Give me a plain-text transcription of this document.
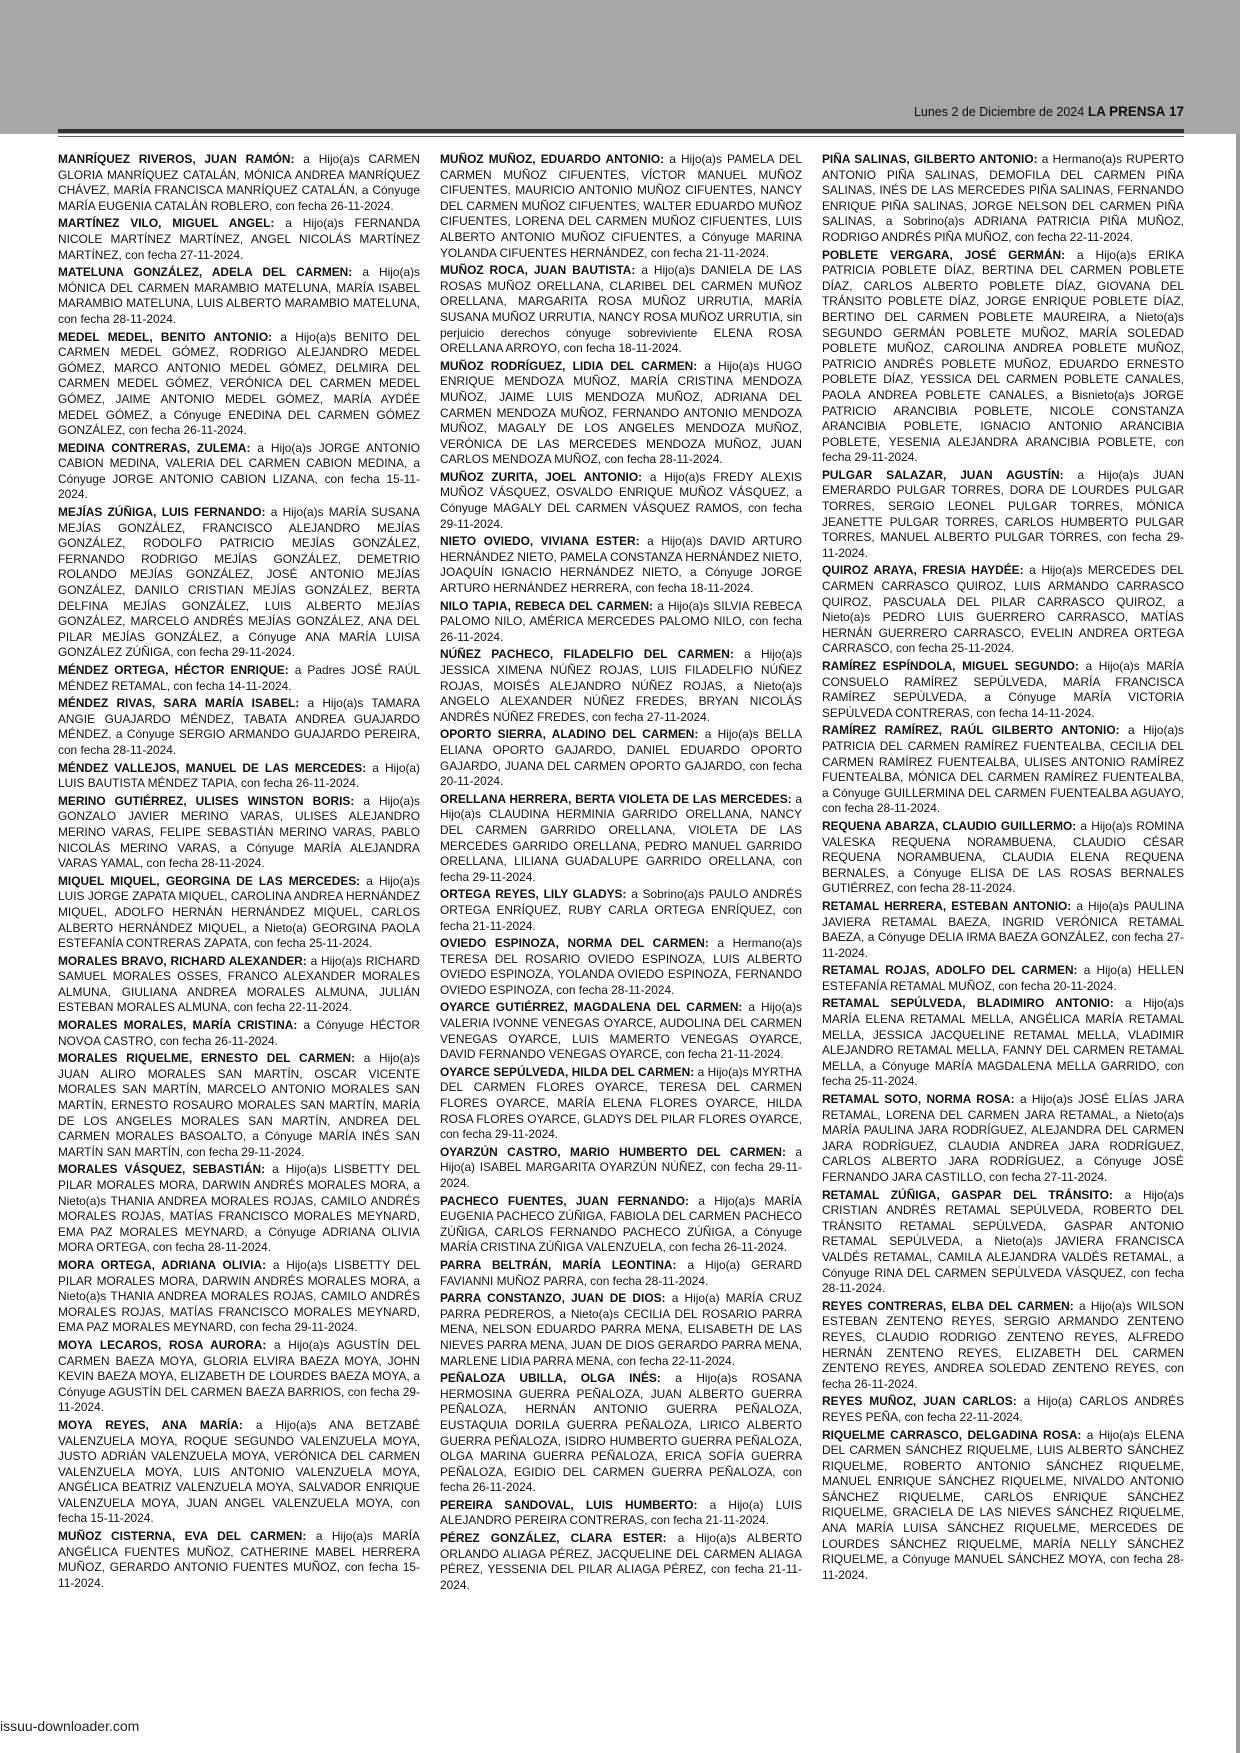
Lunes 2 de Diciembre de 2024 LA PRENSA 17

MANRÍQUEZ RIVEROS, JUAN RAMÓN: a Hijo(a)s CARMEN GLORIA MANRÍQUEZ CATALÁN, MÓNICA ANDREA MANRÍQUEZ CHÁVEZ, MARÍA FRANCISCA MANRÍQUEZ CATALÁN, a Cónyuge MARÍA EUGENIA CATALÁN ROBLERO, con fecha 26-11-2024.

MARTÍNEZ VILO, MIGUEL ANGEL: a Hijo(a)s FERNANDA NICOLE MARTÍNEZ MARTÍNEZ, ANGEL NICOLÁS MARTÍNEZ MARTÍNEZ, con fecha 27-11-2024.

MATELUNA GONZÁLEZ, ADELA DEL CARMEN: a Hijo(a)s MÓNICA DEL CARMEN MARAMBIO MATELUNA, MARÍA ISABEL MARAMBIO MATELUNA, LUIS ALBERTO MARAMBIO MATELUNA, con fecha 28-11-2024.

MEDEL MEDEL, BENITO ANTONIO: a Hijo(a)s BENITO DEL CARMEN MEDEL GÓMEZ, RODRIGO ALEJANDRO MEDEL GÓMEZ, MARCO ANTONIO MEDEL GÓMEZ, DELMIRA DEL CARMEN MEDEL GÓMEZ, VERÓNICA DEL CARMEN MEDEL GÓMEZ, JAIME ANTONIO MEDEL GÓMEZ, MARÍA AYDÉE MEDEL GÓMEZ, a Cónyuge ENEDINA DEL CARMEN GÓMEZ GONZÁLEZ, con fecha 26-11-2024.

MEDINA CONTRERAS, ZULEMA: a Hijo(a)s JORGE ANTONIO CABION MEDINA, VALERIA DEL CARMEN CABION MEDINA, a Cónyuge JORGE ANTONIO CABION LIZANA, con fecha 15-11-2024.

MEJÍAS ZÚÑIGA, LUIS FERNANDO: a Hijo(a)s MARÍA SUSANA MEJÍAS GONZÁLEZ, FRANCISCO ALEJANDRO MEJÍAS GONZÁLEZ, RODOLFO PATRICIO MEJÍAS GONZÁLEZ, FERNANDO RODRIGO MEJÍAS GONZÁLEZ, DEMETRIO ROLANDO MEJÍAS GONZÁLEZ, JOSÉ ANTONIO MEJÍAS GONZÁLEZ, DANILO CRISTIAN MEJÍAS GONZÁLEZ, BERTA DELFINA MEJÍAS GONZÁLEZ, LUIS ALBERTO MEJÍAS GONZÁLEZ, MARCELO ANDRÉS MEJÍAS GONZÁLEZ, ANA DEL PILAR MEJÍAS GONZÁLEZ, a Cónyuge ANA MARÍA LUISA GONZÁLEZ ZÚÑIGA, con fecha 29-11-2024.

MÉNDEZ ORTEGA, HÉCTOR ENRIQUE: a Padres JOSÉ RAÚL MÉNDEZ RETAMAL, con fecha 14-11-2024.

MÉNDEZ RIVAS, SARA MARÍA ISABEL: a Hijo(a)s TAMARA ANGIE GUAJARDO MÉNDEZ, TABATA ANDREA GUAJARDO MÉNDEZ, a Cónyuge SERGIO ARMANDO GUAJARDO PEREIRA, con fecha 28-11-2024.

MÉNDEZ VALLEJOS, MANUEL DE LAS MERCEDES: a Hijo(a) LUIS BAUTISTA MÉNDEZ TAPIA, con fecha 26-11-2024.

MERINO GUTIÉRREZ, ULISES WINSTON BORIS: a Hijo(a)s GONZALO JAVIER MERINO VARAS, ULISES ALEJANDRO MERINO VARAS, FELIPE SEBASTIÁN MERINO VARAS, PABLO NICOLÁS MERINO VARAS, a Cónyuge MARÍA ALEJANDRA VARAS YAMAL, con fecha 28-11-2024.

MIQUEL MIQUEL, GEORGINA DE LAS MERCEDES: a Hijo(a)s LUIS JORGE ZAPATA MIQUEL, CAROLINA ANDREA HERNÁNDEZ MIQUEL, ADOLFO HERNÁN HERNÁNDEZ MIQUEL, CARLOS ALBERTO HERNÁNDEZ MIQUEL, a Nieto(a) GEORGINA PAOLA ESTEFANÍA CONTRERAS ZAPATA, con fecha 25-11-2024.

MORALES BRAVO, RICHARD ALEXANDER: a Hijo(a)s RICHARD SAMUEL MORALES OSSES, FRANCO ALEXANDER MORALES ALMUNA, GIULIANA ANDREA MORALES ALMUNA, JULIÁN ESTEBAN MORALES ALMUNA, con fecha 22-11-2024.

MORALES MORALES, MARÍA CRISTINA: a Cónyuge HÉCTOR NOVOA CASTRO, con fecha 26-11-2024.

MORALES RIQUELME, ERNESTO DEL CARMEN: a Hijo(a)s JUAN ALIRO MORALES SAN MARTÍN, OSCAR VICENTE MORALES SAN MARTÍN, MARCELO ANTONIO MORALES SAN MARTÍN, ERNESTO ROSAURO MORALES SAN MARTÍN, MARÍA DE LOS ANGELES MORALES SAN MARTÍN, ANDREA DEL CARMEN MORALES BASOALTO, a Cónyuge MARÍA INÉS SAN MARTÍN SAN MARTÍN, con fecha 29-11-2024.

MORALES VÁSQUEZ, SEBASTIÁN: a Hijo(a)s LISBETTY DEL PILAR MORALES MORA, DARWIN ANDRÉS MORALES MORA, a Nieto(a)s THANIA ANDREA MORALES ROJAS, CAMILO ANDRÉS MORALES ROJAS, MATÍAS FRANCISCO MORALES MEYNARD, EMA PAZ MORALES MEYNARD, a Cónyuge ADRIANA OLIVIA MORA ORTEGA, con fecha 28-11-2024.

MORA ORTEGA, ADRIANA OLIVIA: a Hijo(a)s LISBETTY DEL PILAR MORALES MORA, DARWIN ANDRÉS MORALES MORA, a Nieto(a)s THANIA ANDREA MORALES ROJAS, CAMILO ANDRÉS MORALES ROJAS, MATÍAS FRANCISCO MORALES MEYNARD, EMA PAZ MORALES MEYNARD, con fecha 29-11-2024.

MOYA LECAROS, ROSA AURORA: a Hijo(a)s AGUSTÍN DEL CARMEN BAEZA MOYA, GLORIA ELVIRA BAEZA MOYA, JOHN KEVIN BAEZA MOYA, ELIZABETH DE LOURDES BAEZA MOYA, a Cónyuge AGUSTÍN DEL CARMEN BAEZA BARRIOS, con fecha 29-11-2024.

MOYA REYES, ANA MARÍA: a Hijo(a)s ANA BETZABÉ VALENZUELA MOYA, ROQUE SEGUNDO VALENZUELA MOYA, JUSTO ADRIÁN VALENZUELA MOYA, VERÓNICA DEL CARMEN VALENZUELA MOYA, LUIS ANTONIO VALENZUELA MOYA, ANGÉLICA BEATRIZ VALENZUELA MOYA, SALVADOR ENRIQUE VALENZUELA MOYA, JUAN ANGEL VALENZUELA MOYA, con fecha 15-11-2024.

MUÑOZ CISTERNA, EVA DEL CARMEN: a Hijo(a)s MARÍA ANGÉLICA FUENTES MUÑOZ, CATHERINE MABEL HERRERA MUÑOZ, GERARDO ANTONIO FUENTES MUÑOZ, con fecha 15-11-2024.

MUÑOZ MUÑOZ, EDUARDO ANTONIO: a Hijo(a)s PAMELA DEL CARMEN MUÑOZ CIFUENTES, VÍCTOR MANUEL MUÑOZ CIFUENTES, MAURICIO ANTONIO MUÑOZ CIFUENTES, NANCY DEL CARMEN MUÑOZ CIFUENTES, WALTER EDUARDO MUÑOZ CIFUENTES, LORENA DEL CARMEN MUÑOZ CIFUENTES, LUIS ALBERTO ANTONIO MUÑOZ CIFUENTES, a Cónyuge MARINA YOLANDA CIFUENTES HERNÁNDEZ, con fecha 21-11-2024.

MUÑOZ ROCA, JUAN BAUTISTA: a Hijo(a)s DANIELA DE LAS ROSAS MUÑOZ ORELLANA, CLARIBEL DEL CARMEN MUÑOZ ORELLANA, MARGARITA ROSA MUÑOZ URRUTIA, MARÍA SUSANA MUÑOZ URRUTIA, NANCY ROSA MUÑOZ URRUTIA, sin perjuicio derechos cónyuge sobreviviente ELENA ROSA ORELLANA ARROYO, con fecha 18-11-2024.

MUÑOZ RODRÍGUEZ, LIDIA DEL CARMEN: a Hijo(a)s HUGO ENRIQUE MENDOZA MUÑOZ, MARÍA CRISTINA MENDOZA MUÑOZ, JAIME LUIS MENDOZA MUÑOZ, ADRIANA DEL CARMEN MENDOZA MUÑOZ, FERNANDO ANTONIO MENDOZA MUÑOZ, MAGALY DE LOS ANGELES MENDOZA MUÑOZ, VERÓNICA DE LAS MERCEDES MENDOZA MUÑOZ, JUAN CARLOS MENDOZA MUÑOZ, con fecha 28-11-2024.

MUÑOZ ZURITA, JOEL ANTONIO: a Hijo(a)s FREDY ALEXIS MUÑOZ VÁSQUEZ, OSVALDO ENRIQUE MUÑOZ VÁSQUEZ, a Cónyuge MAGALY DEL CARMEN VÁSQUEZ RAMOS, con fecha 29-11-2024.

NIETO OVIEDO, VIVIANA ESTER: a Hijo(a)s DAVID ARTURO HERNÁNDEZ NIETO, PAMELA CONSTANZA HERNÁNDEZ NIETO, JOAQUÍN IGNACIO HERNÁNDEZ NIETO, a Cónyuge JORGE ARTURO HERNÁNDEZ HERRERA, con fecha 18-11-2024.

NILO TAPIA, REBECA DEL CARMEN: a Hijo(a)s SILVIA REBECA PALOMO NILO, AMÉRICA MERCEDES PALOMO NILO, con fecha 26-11-2024.

NÚÑEZ PACHECO, FILADELFIO DEL CARMEN: a Hijo(a)s JESSICA XIMENA NÚÑEZ ROJAS, LUIS FILADELFIO NÚÑEZ ROJAS, MOISÉS ALEJANDRO NÚÑEZ ROJAS, a Nieto(a)s ANGELO ALEXANDER NÚÑEZ FREDES, BRYAN NICOLÁS ANDRÉS NÚÑEZ FREDES, con fecha 27-11-2024.

OPORTO SIERRA, ALADINO DEL CARMEN: a Hijo(a)s BELLA ELIANA OPORTO GAJARDO, DANIEL EDUARDO OPORTO GAJARDO, JUANA DEL CARMEN OPORTO GAJARDO, con fecha 20-11-2024.

ORELLANA HERRERA, BERTA VIOLETA DE LAS MERCEDES: a Hijo(a)s CLAUDINA HERMINIA GARRIDO ORELLANA, NANCY DEL CARMEN GARRIDO ORELLANA, VIOLETA DE LAS MERCEDES GARRIDO ORELLANA, PEDRO MANUEL GARRIDO ORELLANA, LILIANA GUADALUPE GARRIDO ORELLANA, con fecha 29-11-2024.

ORTEGA REYES, LILY GLADYS: a Sobrino(a)s PAULO ANDRÉS ORTEGA ENRÍQUEZ, RUBY CARLA ORTEGA ENRÍQUEZ, con fecha 21-11-2024.

OVIEDO ESPINOZA, NORMA DEL CARMEN: a Hermano(a)s TERESA DEL ROSARIO OVIEDO ESPINOZA, LUIS ALBERTO OVIEDO ESPINOZA, YOLANDA OVIEDO ESPINOZA, FERNANDO OVIEDO ESPINOZA, con fecha 28-11-2024.

OYARCE GUTIÉRREZ, MAGDALENA DEL CARMEN: a Hijo(a)s VALERIA IVONNE VENEGAS OYARCE, AUDOLINA DEL CARMEN VENEGAS OYARCE, LUIS MAMERTO VENEGAS OYARCE, DAVID FERNANDO VENEGAS OYARCE, con fecha 21-11-2024.

OYARCE SEPÚLVEDA, HILDA DEL CARMEN: a Hijo(a)s MYRTHA DEL CARMEN FLORES OYARCE, TERESA DEL CARMEN FLORES OYARCE, MARÍA ELENA FLORES OYARCE, HILDA ROSA FLORES OYARCE, GLADYS DEL PILAR FLORES OYARCE, con fecha 29-11-2024.

OYARZÚN CASTRO, MARIO HUMBERTO DEL CARMEN: a Hijo(a) ISABEL MARGARITA OYARZÚN NÚÑEZ, con fecha 29-11-2024.

PACHECO FUENTES, JUAN FERNANDO: a Hijo(a)s MARÍA EUGENIA PACHECO ZÚÑIGA, FABIOLA DEL CARMEN PACHECO ZÚÑIGA, CARLOS FERNANDO PACHECO ZÚÑIGA, a Cónyuge MARÍA CRISTINA ZÚÑIGA VALENZUELA, con fecha 26-11-2024.

PARRA BELTRÁN, MARÍA LEONTINA: a Hijo(a) GERARD FAVIANNI MUÑOZ PARRA, con fecha 28-11-2024.

PARRA CONSTANZO, JUAN DE DIOS: a Hijo(a) MARÍA CRUZ PARRA PEDREROS, a Nieto(a)s CECILIA DEL ROSARIO PARRA MENA, NELSON EDUARDO PARRA MENA, ELISABETH DE LAS NIEVES PARRA MENA, JUAN DE DIOS GERARDO PARRA MENA, MARLENE LIDIA PARRA MENA, con fecha 22-11-2024.

PEÑALOZA UBILLA, OLGA INÉS: a Hijo(a)s ROSANA HERMOSINA GUERRA PEÑALOZA, JUAN ALBERTO GUERRA PEÑALOZA, HERNÁN ANTONIO GUERRA PEÑALOZA, EUSTAQUIA DORILA GUERRA PEÑALOZA, LIRICO ALBERTO GUERRA PEÑALOZA, ISIDRO HUMBERTO GUERRA PEÑALOZA, OLGA MARINA GUERRA PEÑALOZA, ERICA SOFÍA GUERRA PEÑALOZA, EGIDIO DEL CARMEN GUERRA PEÑALOZA, con fecha 26-11-2024.

PEREIRA SANDOVAL, LUIS HUMBERTO: a Hijo(a) LUIS ALEJANDRO PEREIRA CONTRERAS, con fecha 21-11-2024.

PÉREZ GONZÁLEZ, CLARA ESTER: a Hijo(a)s ALBERTO ORLANDO ALIAGA PÉREZ, JACQUELINE DEL CARMEN ALIAGA PÉREZ, YESSENIA DEL PILAR ALIAGA PÉREZ, con fecha 21-11-2024.

PIÑA SALINAS, GILBERTO ANTONIO: a Hermano(a)s RUPERTO ANTONIO PIÑA SALINAS, DEMOFILA DEL CARMEN PIÑA SALINAS, INÉS DE LAS MERCEDES PIÑA SALINAS, FERNANDO ENRIQUE PIÑA SALINAS, JORGE NELSON DEL CARMEN PIÑA SALINAS, a Sobrino(a)s ADRIANA PATRICIA PIÑA MUÑOZ, RODRIGO ANDRÉS PIÑA MUÑOZ, con fecha 22-11-2024.

POBLETE VERGARA, JOSÉ GERMÁN: a Hijo(a)s ERIKA PATRICIA POBLETE DÍAZ, BERTINA DEL CARMEN POBLETE DÍAZ, CARLOS ALBERTO POBLETE DÍAZ, GIOVANA DEL TRÁNSITO POBLETE DÍAZ, JORGE ENRIQUE POBLETE DÍAZ, BERTINO DEL CARMEN POBLETE MAUREIRA, a Nieto(a)s SEGUNDO GERMÁN POBLETE MUÑOZ, MARÍA SOLEDAD POBLETE MUÑOZ, CAROLINA ANDREA POBLETE MUÑOZ, PATRICIO ANDRÉS POBLETE MUÑOZ, EDUARDO ERNESTO POBLETE DÍAZ, YESSICA DEL CARMEN POBLETE CANALES, PAOLA ANDREA POBLETE CANALES, a Bisnieto(a)s JORGE PATRICIO ARANCIBIA POBLETE, NICOLE CONSTANZA ARANCIBIA POBLETE, IGNACIO ANTONIO ARANCIBIA POBLETE, YESENIA ALEJANDRA ARANCIBIA POBLETE, con fecha 29-11-2024.

PULGAR SALAZAR, JUAN AGUSTÍN: a Hijo(a)s JUAN EMERARDO PULGAR TORRES, DORA DE LOURDES PULGAR TORRES, SERGIO LEONEL PULGAR TORRES, MÓNICA JEANETTE PULGAR TORRES, CARLOS HUMBERTO PULGAR TORRES, MANUEL ALBERTO PULGAR TORRES, con fecha 29-11-2024.

QUIROZ ARAYA, FRESIA HAYDÉE: a Hijo(a)s MERCEDES DEL CARMEN CARRASCO QUIROZ, LUIS ARMANDO CARRASCO QUIROZ, PASCUALA DEL PILAR CARRASCO QUIROZ, a Nieto(a)s PEDRO LUIS GUERRERO CARRASCO, MATÍAS HERNÁN GUERRERO CARRASCO, EVELIN ANDREA ORTEGA CARRASCO, con fecha 25-11-2024.

RAMÍREZ ESPÍNDOLA, MIGUEL SEGUNDO: a Hijo(a)s MARÍA CONSUELO RAMÍREZ SEPÚLVEDA, MARÍA FRANCISCA RAMÍREZ SEPÚLVEDA, a Cónyuge MARÍA VICTORIA SEPÚLVEDA CONTRERAS, con fecha 14-11-2024.

RAMÍREZ RAMÍREZ, RAÚL GILBERTO ANTONIO: a Hijo(a)s PATRICIA DEL CARMEN RAMÍREZ FUENTEALBA, CECILIA DEL CARMEN RAMÍREZ FUENTEALBA, ULISES ANTONIO RAMÍREZ FUENTEALBA, MÓNICA DEL CARMEN RAMÍREZ FUENTEALBA, a Cónyuge GUILLERMINA DEL CARMEN FUENTEALBA AGUAYO, con fecha 28-11-2024.

REQUENA ABARZA, CLAUDIO GUILLERMO: a Hijo(a)s ROMINA VALESKA REQUENA NORAMBUENA, CLAUDIO CÉSAR REQUENA NORAMBUENA, CLAUDIA ELENA REQUENA BERNALES, a Cónyuge ELISA DE LAS ROSAS BERNALES GUTIÉRREZ, con fecha 28-11-2024.

RETAMAL HERRERA, ESTEBAN ANTONIO: a Hijo(a)s PAULINA JAVIERA RETAMAL BAEZA, INGRID VERÓNICA RETAMAL BAEZA, a Cónyuge DELIA IRMA BAEZA GONZÁLEZ, con fecha 27-11-2024.

RETAMAL ROJAS, ADOLFO DEL CARMEN: a Hijo(a) HELLEN ESTEFANÍA RETAMAL MUÑOZ, con fecha 20-11-2024.

RETAMAL SEPÚLVEDA, BLADIMIRO ANTONIO: a Hijo(a)s MARÍA ELENA RETAMAL MELLA, ANGÉLICA MARÍA RETAMAL MELLA, JESSICA JACQUELINE RETAMAL MELLA, VLADIMIR ALEJANDRO RETAMAL MELLA, FANNY DEL CARMEN RETAMAL MELLA, a Cónyuge MARÍA MAGDALENA MELLA GARRIDO, con fecha 25-11-2024.

RETAMAL SOTO, NORMA ROSA: a Hijo(a)s JOSÉ ELÍAS JARA RETAMAL, LORENA DEL CARMEN JARA RETAMAL, a Nieto(a)s MARÍA PAULINA JARA RODRÍGUEZ, ALEJANDRA DEL CARMEN JARA RODRÍGUEZ, CLAUDIA ANDREA JARA RODRÍGUEZ, CARLOS ALBERTO JARA RODRÍGUEZ, a Cónyuge JOSÉ FERNANDO JARA CASTILLO, con fecha 27-11-2024.

RETAMAL ZÚÑIGA, GASPAR DEL TRÁNSITO: a Hijo(a)s CRISTIAN ANDRÉS RETAMAL SEPÚLVEDA, ROBERTO DEL TRÁNSITO RETAMAL SEPÚLVEDA, GASPAR ANTONIO RETAMAL SEPÚLVEDA, a Nieto(a)s JAVIERA FRANCISCA VALDÉS RETAMAL, CAMILA ALEJANDRA VALDÉS RETAMAL, a Cónyuge RINA DEL CARMEN SEPÚLVEDA VÁSQUEZ, con fecha 28-11-2024.

REYES CONTRERAS, ELBA DEL CARMEN: a Hijo(a)s WILSON ESTEBAN ZENTENO REYES, SERGIO ARMANDO ZENTENO REYES, CLAUDIO RODRIGO ZENTENO REYES, ALFREDO HERNÁN ZENTENO REYES, ELIZABETH DEL CARMEN ZENTENO REYES, ANDREA SOLEDAD ZENTENO REYES, con fecha 26-11-2024.

REYES MUÑOZ, JUAN CARLOS: a Hijo(a) CARLOS ANDRÉS REYES PEÑA, con fecha 22-11-2024.

RIQUELME CARRASCO, DELGADINA ROSA: a Hijo(a)s ELENA DEL CARMEN SÁNCHEZ RIQUELME, LUIS ALBERTO SÁNCHEZ RIQUELME, ROBERTO ANTONIO SÁNCHEZ RIQUELME, MANUEL ENRIQUE SÁNCHEZ RIQUELME, NIVALDO ANTONIO SÁNCHEZ RIQUELME, CARLOS ENRIQUE SÁNCHEZ RIQUELME, GRACIELA DE LAS NIEVES SÁNCHEZ RIQUELME, ANA MARÍA LUISA SÁNCHEZ RIQUELME, MERCEDES DE LOURDES SÁNCHEZ RIQUELME, MARÍA NELLY SÁNCHEZ RIQUELME, a Cónyuge MANUEL SÁNCHEZ MOYA, con fecha 28-11-2024.

issuu-downloader.com
